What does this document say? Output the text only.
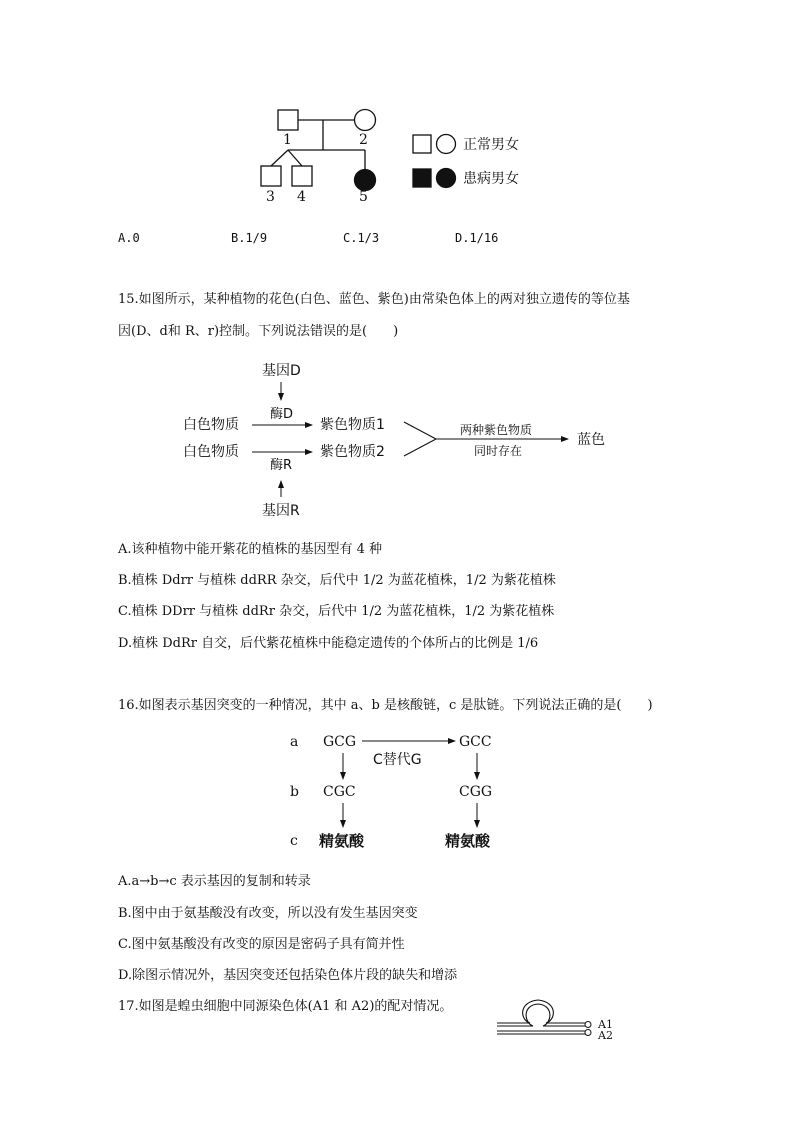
1	2
3 4	5
正常男女
患病男女
A.0	B.1/9	C.1/3	D.1/16
15.如图所示，某种植物的花色(白色、蓝色、紫色)由常染色体上的两对独立遗传的等位基
因(D、d和 R、r)控制。下列说法错误的是(　　)
基因D
酶D
白色物质	紫色物质1
白色物质	紫色物质2
酶R
基因R
两种紫色物质
同时存在
蓝色
A.该种植物中能开紫花的植株的基因型有 4 种
B.植株 Ddrr 与植株 ddRR 杂交，后代中 1/2 为蓝花植株，1/2 为紫花植株
C.植株 DDrr 与植株 ddRr 杂交，后代中 1/2 为蓝花植株，1/2 为紫花植株
D.植株 DdRr 自交，后代紫花植株中能稳定遗传的个体所占的比例是 1/6
16.如图表示基因突变的一种情况，其中 a、b 是核酸链，c 是肽链。下列说法正确的是(　　)
a
b
c
GCG
C替代G
GCC
CGC	CGG
精氨酸	精氨酸
A.a→b→c 表示基因的复制和转录
B.图中由于氨基酸没有改变，所以没有发生基因突变
C.图中氨基酸没有改变的原因是密码子具有简并性
D.除图示情况外，基因突变还包括染色体片段的缺失和增添
17.如图是蝗虫细胞中同源染色体(A1 和 A2)的配对情况。
A1
A2
